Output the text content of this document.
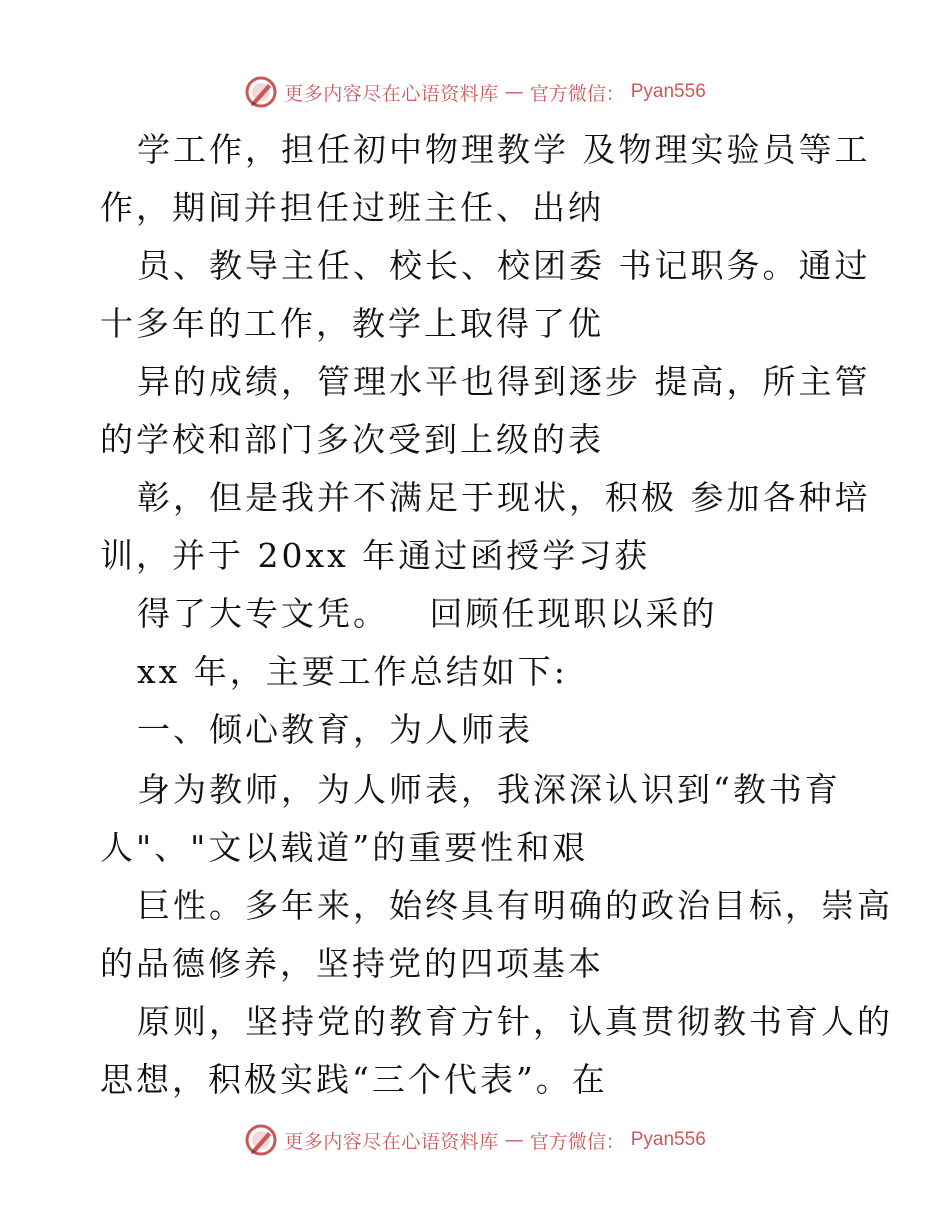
更多内容尽在心语资料库 — 官方微信： Pyan556
学工作，担任初中物理教学 及物理实验员等工
作，期间并担任过班主任、出纳
员、教导主任、校长、校团委 书记职务。通过
十多年的工作，教学上取得了优
异的成绩，管理水平也得到逐步 提高，所主管
的学校和部门多次受到上级的表
彰，但是我并不满足于现状，积极 参加各种培
训，并于 20xx 年通过函授学习获
得了大专文凭。   回顾任现职以采的
xx 年，主要工作总结如下:
一、倾心教育，为人师表
身为教师，为人师表，我深深认识到“教书育
人"、"文以载道”的重要性和艰
巨性。多年来，始终具有明确的政治目标，崇高
的品德修养，坚持党的四项基本
原则，坚持党的教育方针，认真贯彻教书育人的
思想，积极实践“三个代表”。在
更多内容尽在心语资料库 — 官方微信： Pyan556
